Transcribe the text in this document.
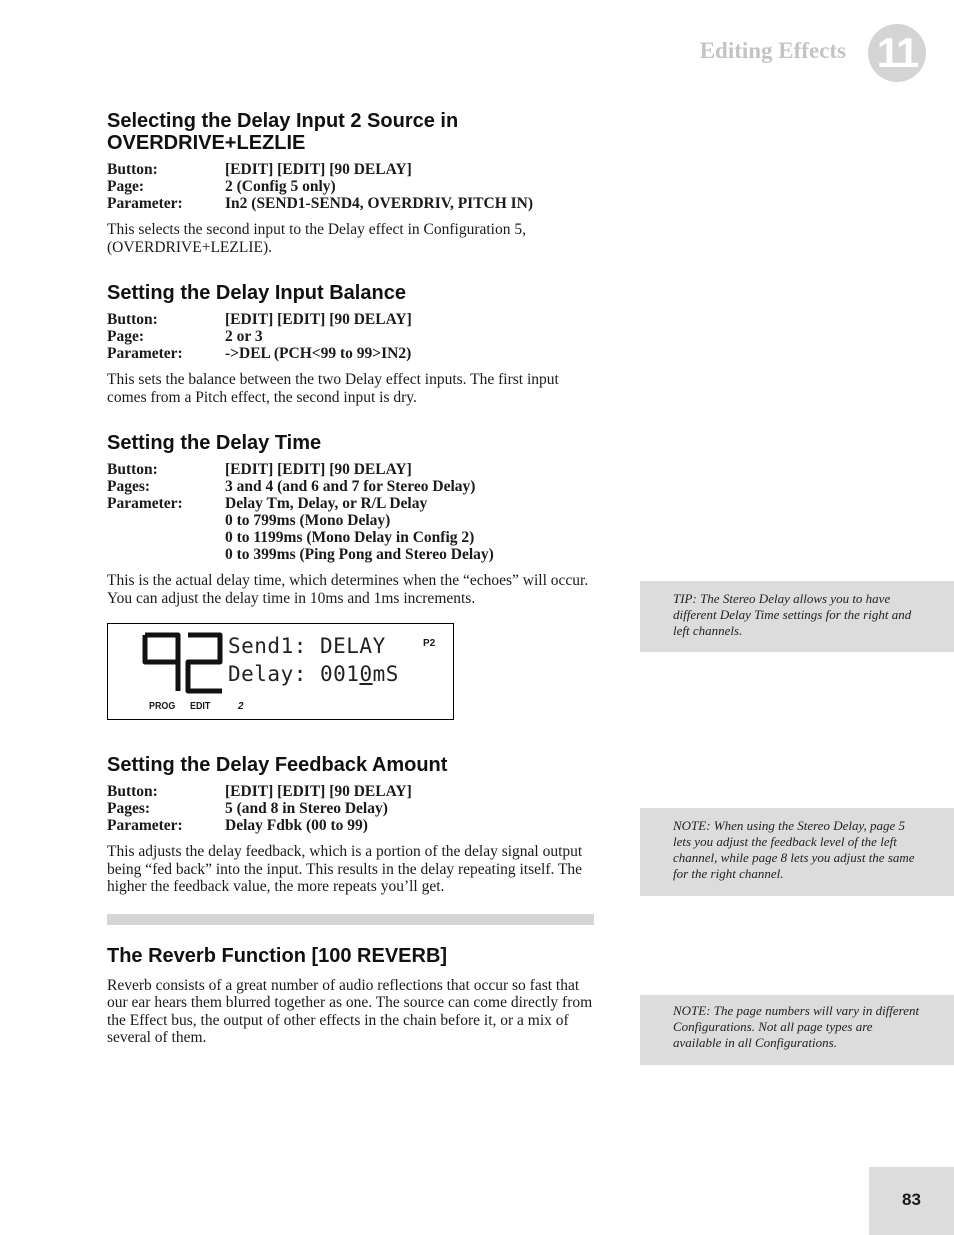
Editing Effects 11
Selecting the Delay Input 2 Source in OVERDRIVE+LEZLIE
Button:	[EDIT] [EDIT] [90 DELAY]
Page:	2 (Config 5 only)
Parameter:	In2 (SEND1-SEND4, OVERDRIV, PITCH IN)

This selects the second input to the Delay effect in Configuration 5, (OVERDRIVE+LEZLIE).

Setting the Delay Input Balance
Button:	[EDIT] [EDIT] [90 DELAY]
Page:	2 or 3
Parameter:	->DEL (PCH<99 to 99>IN2)

This sets the balance between the two Delay effect inputs. The first input comes from a Pitch effect, the second input is dry.

Setting the Delay Time
Button:	[EDIT] [EDIT] [90 DELAY]
Pages:	3 and 4 (and 6 and 7 for Stereo Delay)
Parameter:	Delay Tm, Delay, or R/L Delay
0 to 799ms (Mono Delay)
0 to 1199ms (Mono Delay in Config 2)
0 to 399ms (Ping Pong and Stereo Delay)

This is the actual delay time, which determines when the “echoes” will occur. You can adjust the delay time in 10ms and 1ms increments.

Send1: DELAY
Delay: 0010mS
P2
PROG EDIT	2
Setting the Delay Feedback Amount
Button:	[EDIT] [EDIT] [90 DELAY]
Pages:	5 (and 8 in Stereo Delay)
Parameter:	Delay Fdbk (00 to 99)

This adjusts the delay feedback, which is a portion of the delay signal output being “fed back” into the input. This results in the delay repeating itself. The higher the feedback value, the more repeats you’ll get.

The Reverb Function [100 REVERB]

Reverb consists of a great number of audio reflections that occur so fast that our ear hears them blurred together as one. The source can come directly from the Effect bus, the output of other effects in the chain before it, or a mix of several of them.

TIP: The Stereo Delay allows you to have different Delay Time settings for the right and left channels.
NOTE: When using the Stereo Delay, page 5 lets you adjust the feedback level of the left channel, while page 8 lets you adjust the same for the right channel.
NOTE: The page numbers will vary in different Configurations. Not all page types are available in all Configurations.
83
